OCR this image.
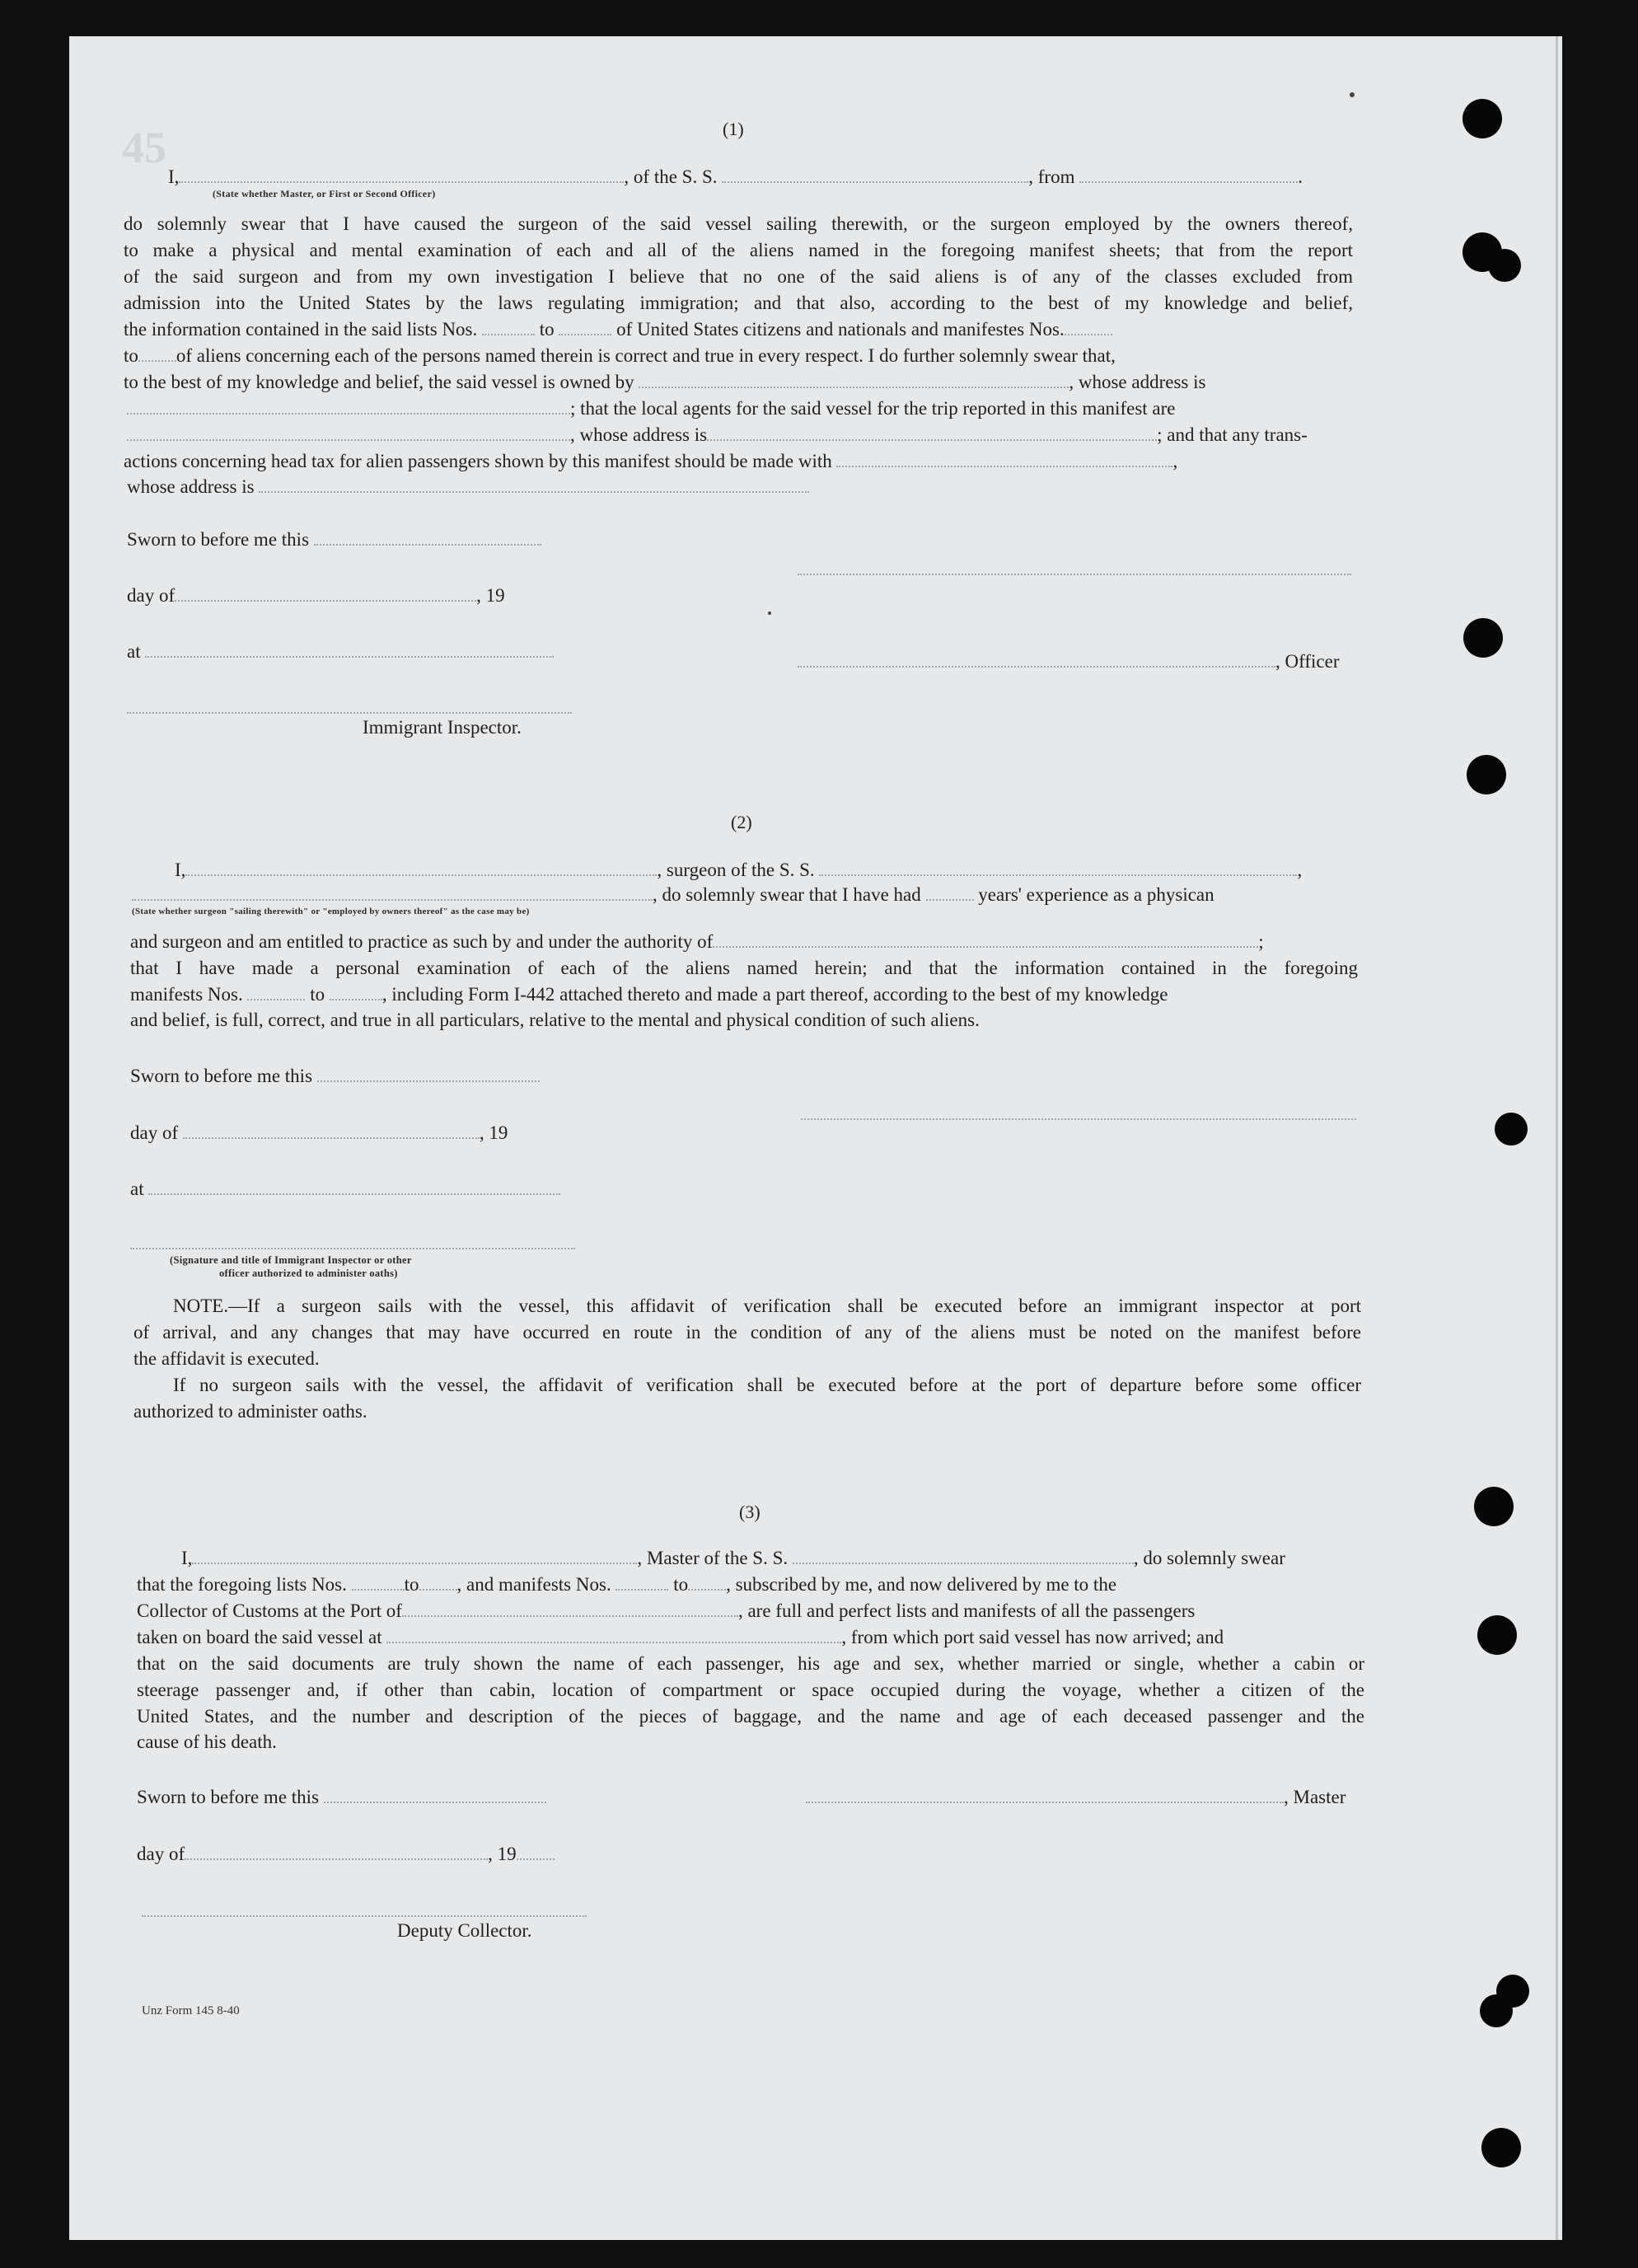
45	(1)
I,	, of the S. S.	, from	.
(State whether Master, or First or Second Officer)
do solemnly swear that I have caused the surgeon of the said vessel sailing therewith, or the surgeon employed by the owners thereof,
to make a physical and mental examination of each and all of the aliens named in the foregoing manifest sheets; that from the report
of the said surgeon and from my own investigation I believe that no one of the said aliens is of any of the classes excluded from
admission into the United States by the laws regulating immigration; and that also, according to the best of my knowledge and belief,
the information contained in the said lists Nos.	to	of United States citizens and nationals and manifestes Nos.
to of aliens concerning each of the persons named therein is correct and true in every respect. I do further solemnly swear that,
to the best of my knowledge and belief, the said vessel is owned by	, whose address is
; that the local agents for the said vessel for the trip reported in this manifest are
, whose address is	; and that any trans-
actions concerning head tax for alien passengers shown by this manifest should be made with	,
whose address is
Sworn to before me this
day of	, 19
at	, Officer
Immigrant Inspector.
(2)
I,	, surgeon of the S. S.	,
, do solemnly swear that I have had	years' experience as a physican
(State whether surgeon "sailing therewith" or "employed by owners thereof" as the case may be)
and surgeon and am entitled to practice as such by and under the authority of	;
that I have made a personal examination of each of the aliens named herein; and that the information contained in the foregoing
manifests Nos.	to	, including Form I-442 attached thereto and made a part thereof, according to the best of my knowledge
and belief, is full, correct, and true in all particulars, relative to the mental and physical condition of such aliens.
Sworn to before me this
day of	, 19
at
(Signature and title of Immigrant Inspector or other
officer authorized to administer oaths)
NOTE.—If a surgeon sails with the vessel, this affidavit of verification shall be executed before an immigrant inspector at port
of arrival, and any changes that may have occurred en route in the condition of any of the aliens must be noted on the manifest before
the affidavit is executed.
If no surgeon sails with the vessel, the affidavit of verification shall be executed before at the port of departure before some officer
authorized to administer oaths.
(3)
I,	, Master of the S. S.	, do solemnly swear
that the foregoing lists Nos.	to , and manifests Nos.	to , subscribed by me, and now delivered by me to the
Collector of Customs at the Port of	, are full and perfect lists and manifests of all the passengers
taken on board the said vessel at	, from which port said vessel has now arrived; and
that on the said documents are truly shown the name of each passenger, his age and sex, whether married or single, whether a cabin or
steerage passenger and, if other than cabin, location of compartment or space occupied during the voyage, whether a citizen of the
United States, and the number and description of the pieces of baggage, and the name and age of each deceased passenger and the
cause of his death.
Sworn to before me this	, Master
day of	, 19
Deputy Collector.
Unz Form 145 8-40
